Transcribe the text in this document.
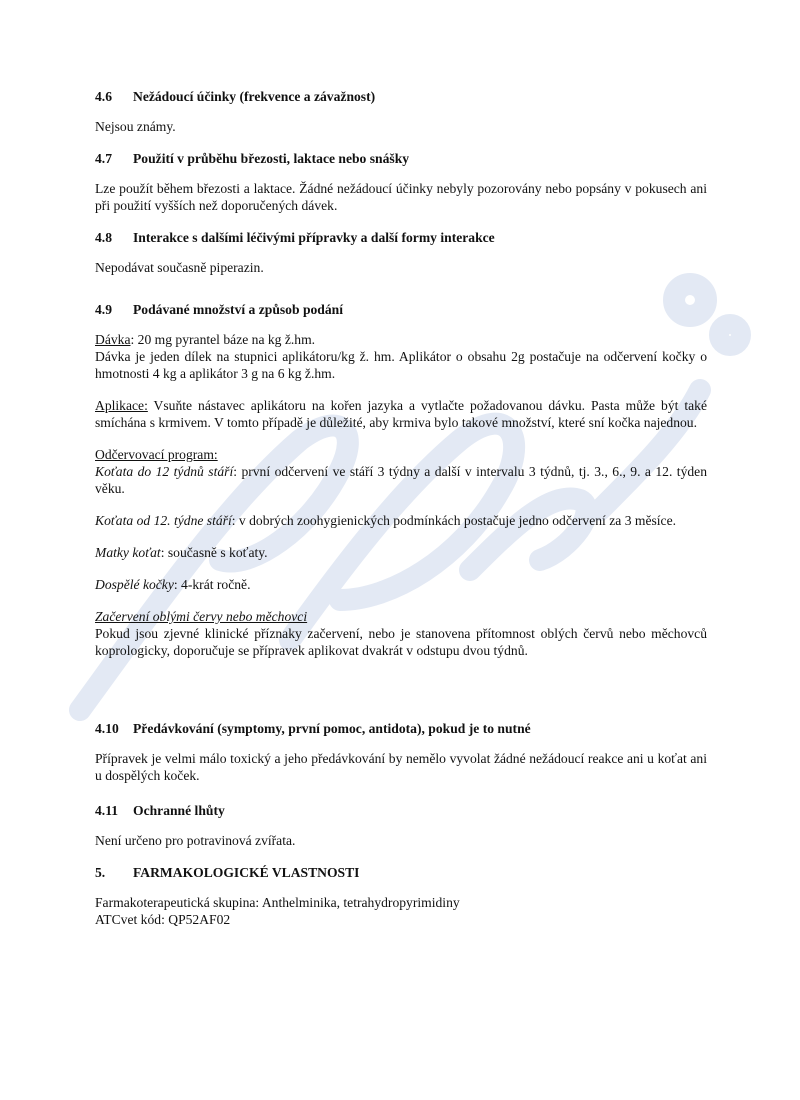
4.6 Nežádoucí účinky (frekvence a závažnost)

Nejsou známy.

4.7 Použití v průběhu březosti, laktace nebo snášky

Lze použít během březosti a laktace. Žádné nežádoucí účinky nebyly pozorovány nebo popsány v pokusech ani při použití vyšších než doporučených dávek.

4.8 Interakce s dalšími léčivými přípravky a další formy interakce

Nepodávat současně piperazin.

4.9 Podávané množství a způsob podání

Dávka: 20 mg pyrantel báze na kg ž.hm.

Dávka je jeden dílek na stupnici aplikátoru/kg ž. hm. Aplikátor o obsahu 2g postačuje na odčervení kočky o hmotnosti 4 kg a aplikátor 3 g na 6 kg ž.hm.

Aplikace: Vsuňte nástavec aplikátoru na kořen jazyka a vytlačte požadovanou dávku. Pasta může být také smíchána s krmivem. V tomto případě je důležité, aby krmiva bylo takové množství, které sní kočka najednou.

Odčervovací program:

Koťata do 12 týdnů stáří: první odčervení ve stáří 3 týdny a další v intervalu 3 týdnů, tj. 3., 6., 9. a 12. týden věku.

Koťata od 12. týdne stáří: v dobrých zoohygienických podmínkách postačuje jedno odčervení za 3 měsíce.

Matky koťat: současně s koťaty.

Dospělé kočky: 4-krát ročně.

Začervení oblými červy nebo měchovci

Pokud jsou zjevné klinické příznaky začervení, nebo je stanovena přítomnost oblých červů nebo měchovců koprologicky, doporučuje se přípravek aplikovat dvakrát v odstupu dvou týdnů.

4.10 Předávkování (symptomy, první pomoc, antidota), pokud je to nutné

Přípravek je velmi málo toxický a jeho předávkování by nemělo vyvolat žádné nežádoucí reakce ani u koťat ani u dospělých koček.

4.11 Ochranné lhůty

Není určeno pro potravinová zvířata.

5. FARMAKOLOGICKÉ VLASTNOSTI

Farmakoterapeutická skupina: Anthelminika, tetrahydropyrimidiny

ATCvet kód: QP52AF02
